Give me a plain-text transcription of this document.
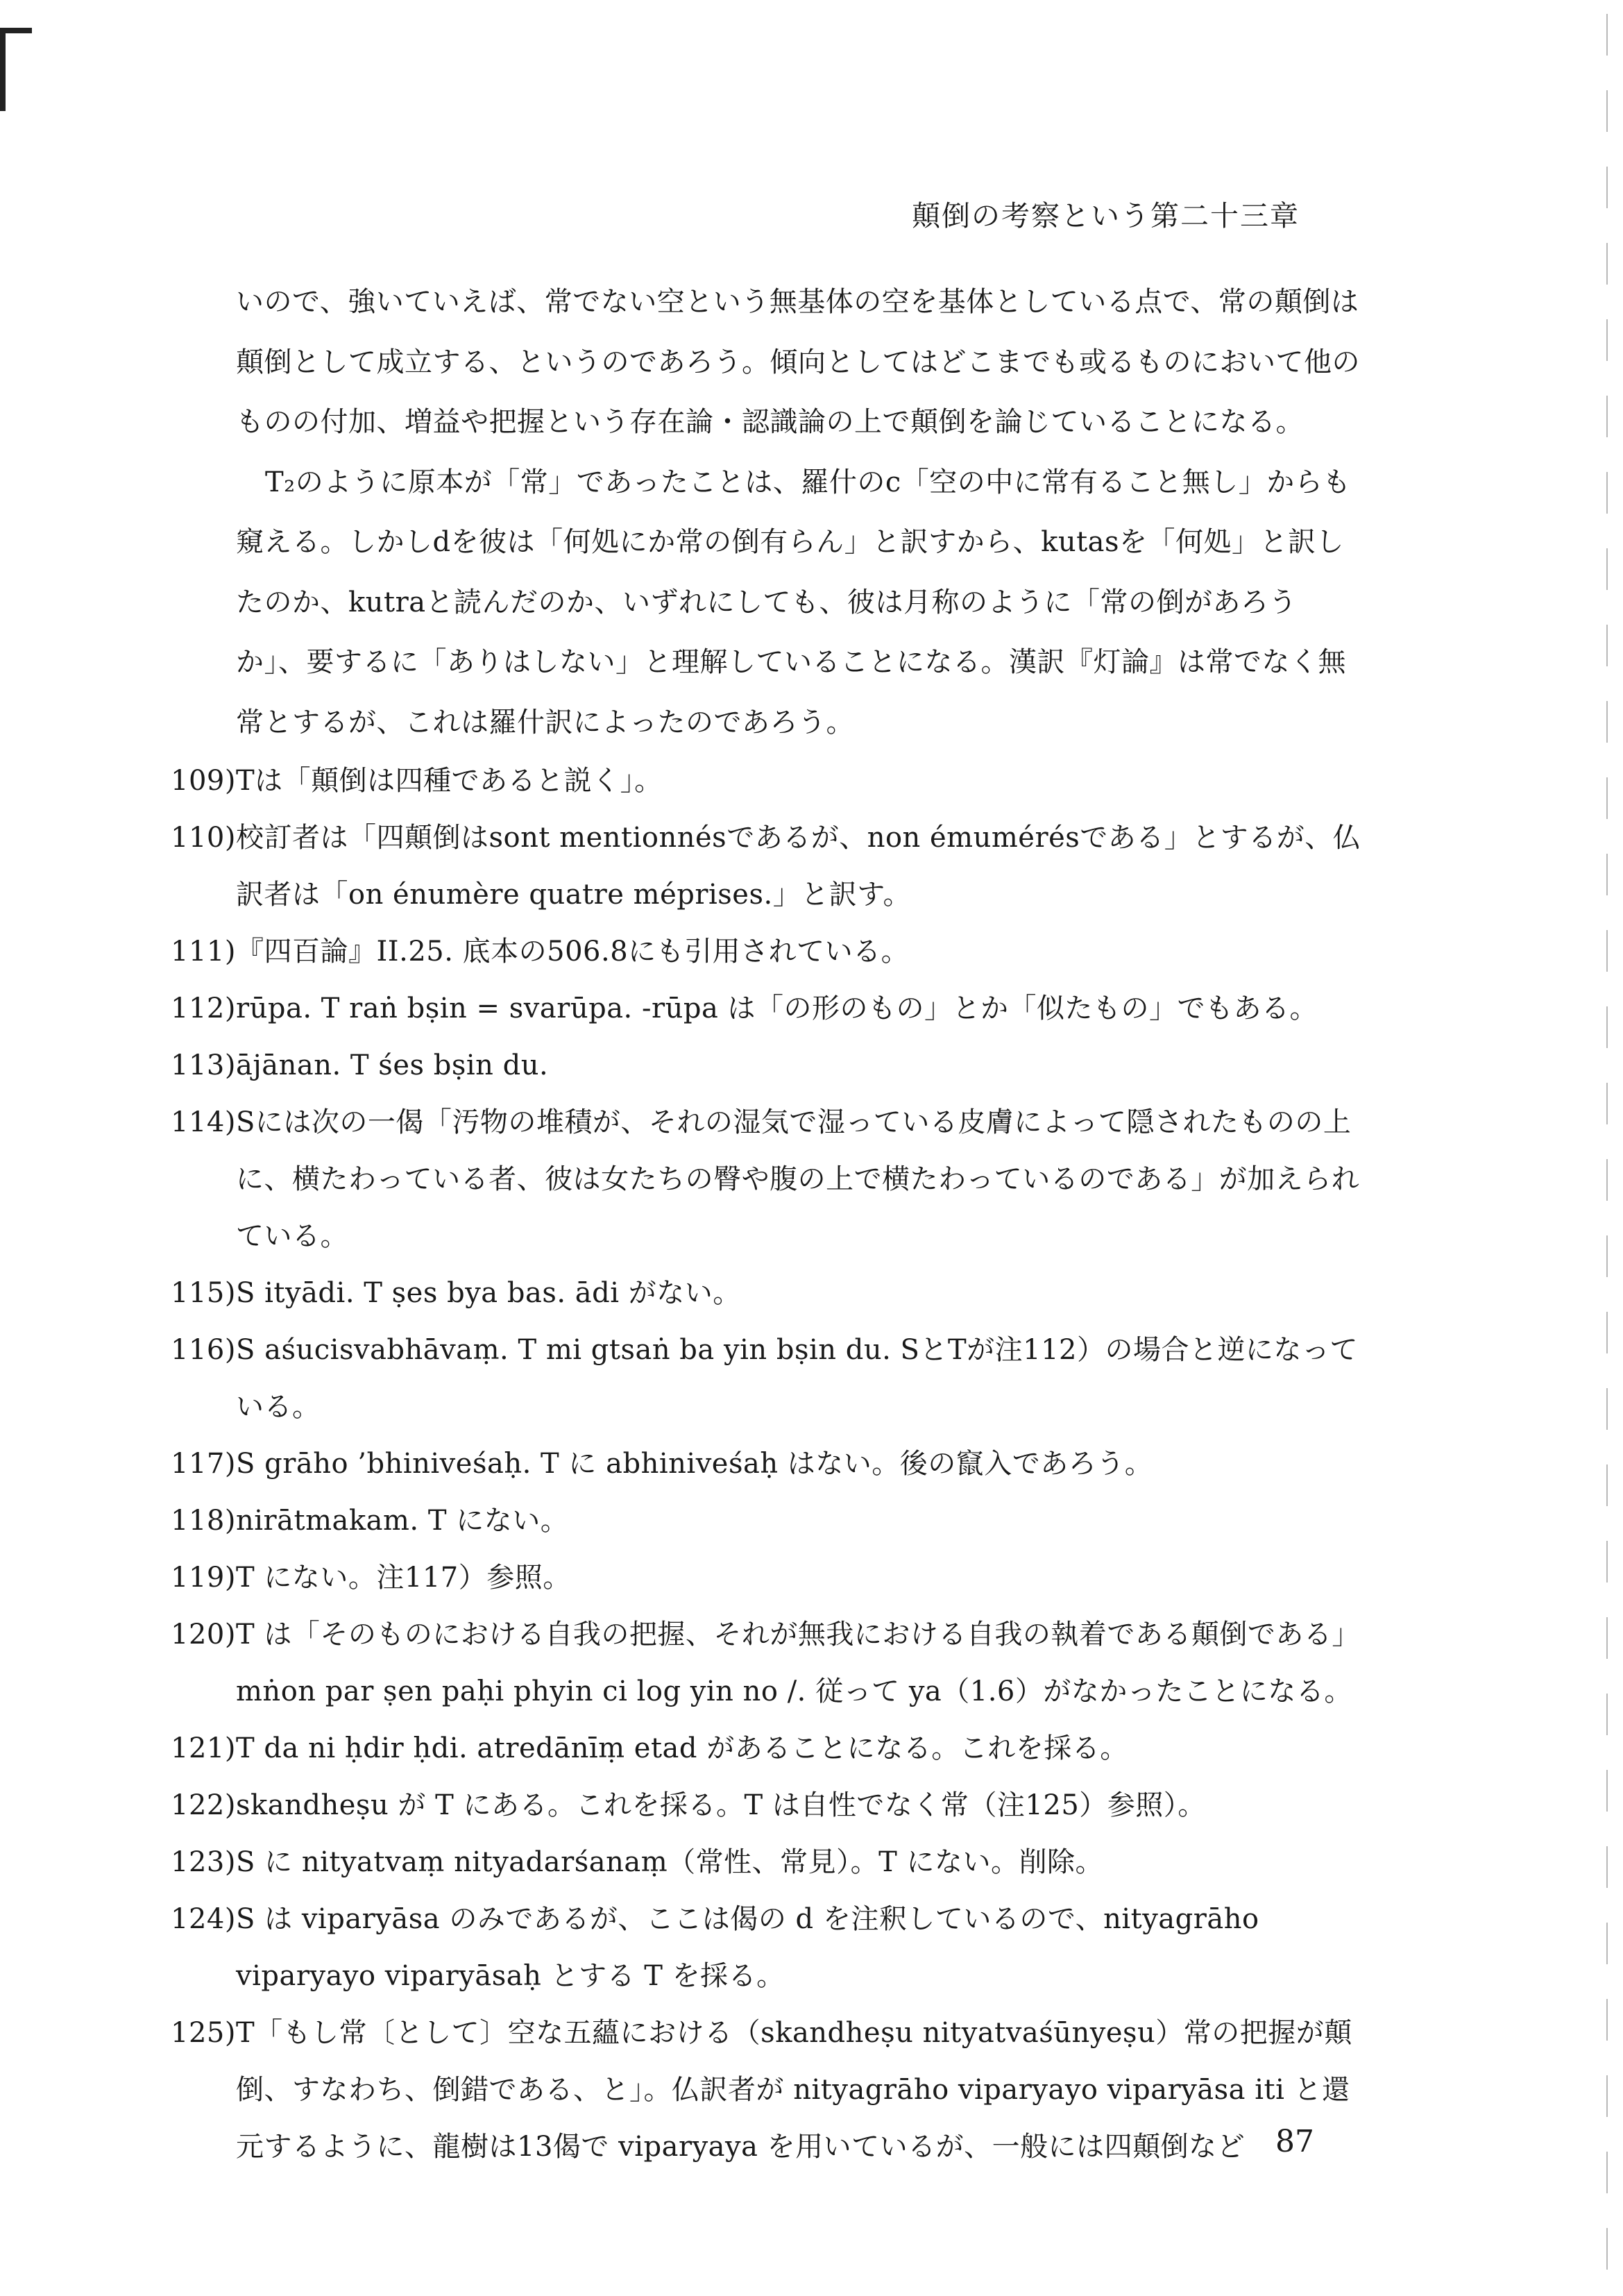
顛倒の考察という第二十三章

いので、強いていえば、常でない空という無基体の空を基体としている点で、常の顛倒は顛倒として成立する、というのであろう。傾向としてはどこまでも或るものにおいて他のものの付加、増益や把握という存在論・認識論の上で顛倒を論じていることになる。

T₂のように原本が「常」であったことは、羅什のc「空の中に常有ること無し」からも窺える。しかしdを彼は「何処にか常の倒有らん」と訳すから、kutasを「何処」と訳したのか、kutraと読んだのか、いずれにしても、彼は月称のように「常の倒があろうか」、要するに「ありはしない」と理解していることになる。漢訳『灯論』は常でなく無常とするが、これは羅什訳によったのであろう。

109) Tは「顛倒は四種であると説く」。
110) 校訂者は「四顛倒はsont mentionnésであるが、non émumérésである」とするが、仏訳者は「on énumère quatre méprises.」と訳す。
111) 『四百論』II.25. 底本の506.8にも引用されている。
112) rūpa. T raṅ bṣin = svarūpa. -rūpa は「の形のもの」とか「似たもの」でもある。
113) ājānan. T śes bṣin du.
114) Sには次の一偈「汚物の堆積が、それの湿気で湿っている皮膚によって隠されたものの上に、横たわっている者、彼は女たちの臀や腹の上で横たわっているのである」が加えられている。
115) S ityādi. T ṣes bya bas. ādi がない。
116) S aśucisvabhāvaṃ. T mi gtsaṅ ba yin bṣin du. SとTが注112）の場合と逆になっている。
117) S grāho ’bhiniveśaḥ. T に abhiniveśaḥ はない。後の竄入であろう。
118) nirātmakam. T にない。
119) T にない。注117）参照。
120) T は「そのものにおける自我の把握、それが無我における自我の執着である顛倒である」mṅon par ṣen paḥi phyin ci log yin no /. 従って ya（1.6）がなかったことになる。
121) T da ni ḥdir ḥdi. atredānīṃ etad があることになる。これを採る。
122) skandheṣu が T にある。これを採る。T は自性でなく常（注125）参照）。
123) S に nityatvaṃ nityadarśanaṃ（常性、常見）。T にない。削除。
124) S は viparyāsa のみであるが、ここは偈の d を注釈しているので、nityagrāho viparyayo viparyāsaḥ とする T を採る。
125) T「もし常〔として〕空な五蘊における（skandheṣu nityatvaśūnyeṣu）常の把握が顛倒、すなわち、倒錯である、と」。仏訳者が nityagrāho viparyayo viparyāsa iti と還元するように、龍樹は13偈で viparyaya を用いているが、一般には四顛倒など 87
